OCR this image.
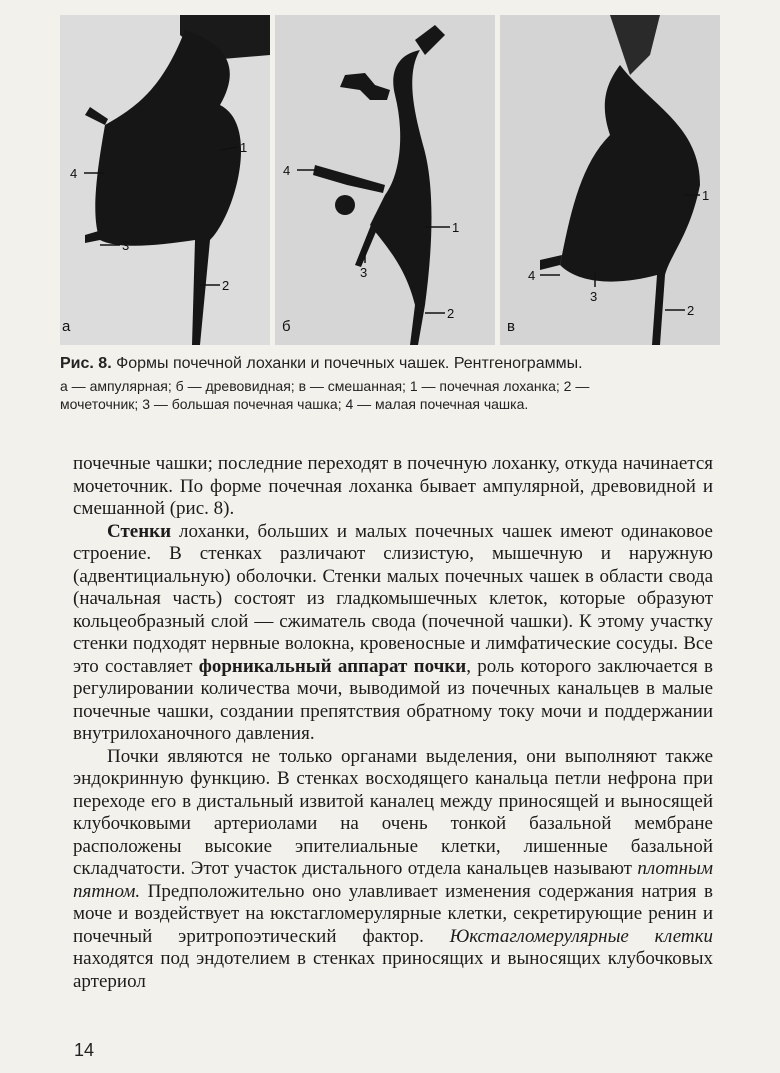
1
2
3
4
а
1
2
3
4
б
1
2
3
4
в
Рис. 8. Формы почечной лоханки и почечных чашек. Рентгенограммы.
а — ампулярная; б — древовидная; в — смешанная; 1 — почечная лоханка; 2 —
мочеточник; 3 — большая почечная чашка; 4 — малая почечная чашка.

почечные чашки; последние переходят в почечную лоханку, откуда начинается мочеточник. По форме почечная лоханка бывает ампулярной, древовидной и смешанной (рис. 8).

Стенки лоханки, больших и малых почечных чашек имеют одинаковое строение. В стенках различают слизистую, мышечную и наружную (адвентициальную) оболочки. Стенки малых почечных чашек в области свода (начальная часть) состоят из гладкомышечных клеток, которые образуют кольцеобразный слой — сжиматель свода (почечной чашки). К этому участку стенки подходят нервные волокна, кровеносные и лимфатические сосуды. Все это составляет форникальный аппарат почки, роль которого заключается в регулировании количества мочи, выводимой из почечных канальцев в малые почечные чашки, создании препятствия обратному току мочи и поддержании внутрилоханочного давления.

Почки являются не только органами выделения, они выполняют также эндокринную функцию. В стенках восходящего канальца петли нефрона при переходе его в дистальный извитой каналец между приносящей и выносящей клубочковыми артериолами на очень тонкой базальной мембране расположены высокие эпителиальные клетки, лишенные базальной складчатости. Этот участок дистального отдела канальцев называют плотным пятном. Предположительно оно улавливает изменения содержания натрия в моче и воздействует на юкстагломерулярные клетки, секретирующие ренин и почечный эритропоэтический фактор. Юкстагломерулярные клетки находятся под эндотелием в стенках приносящих и выносящих клубочковых артериол

14
